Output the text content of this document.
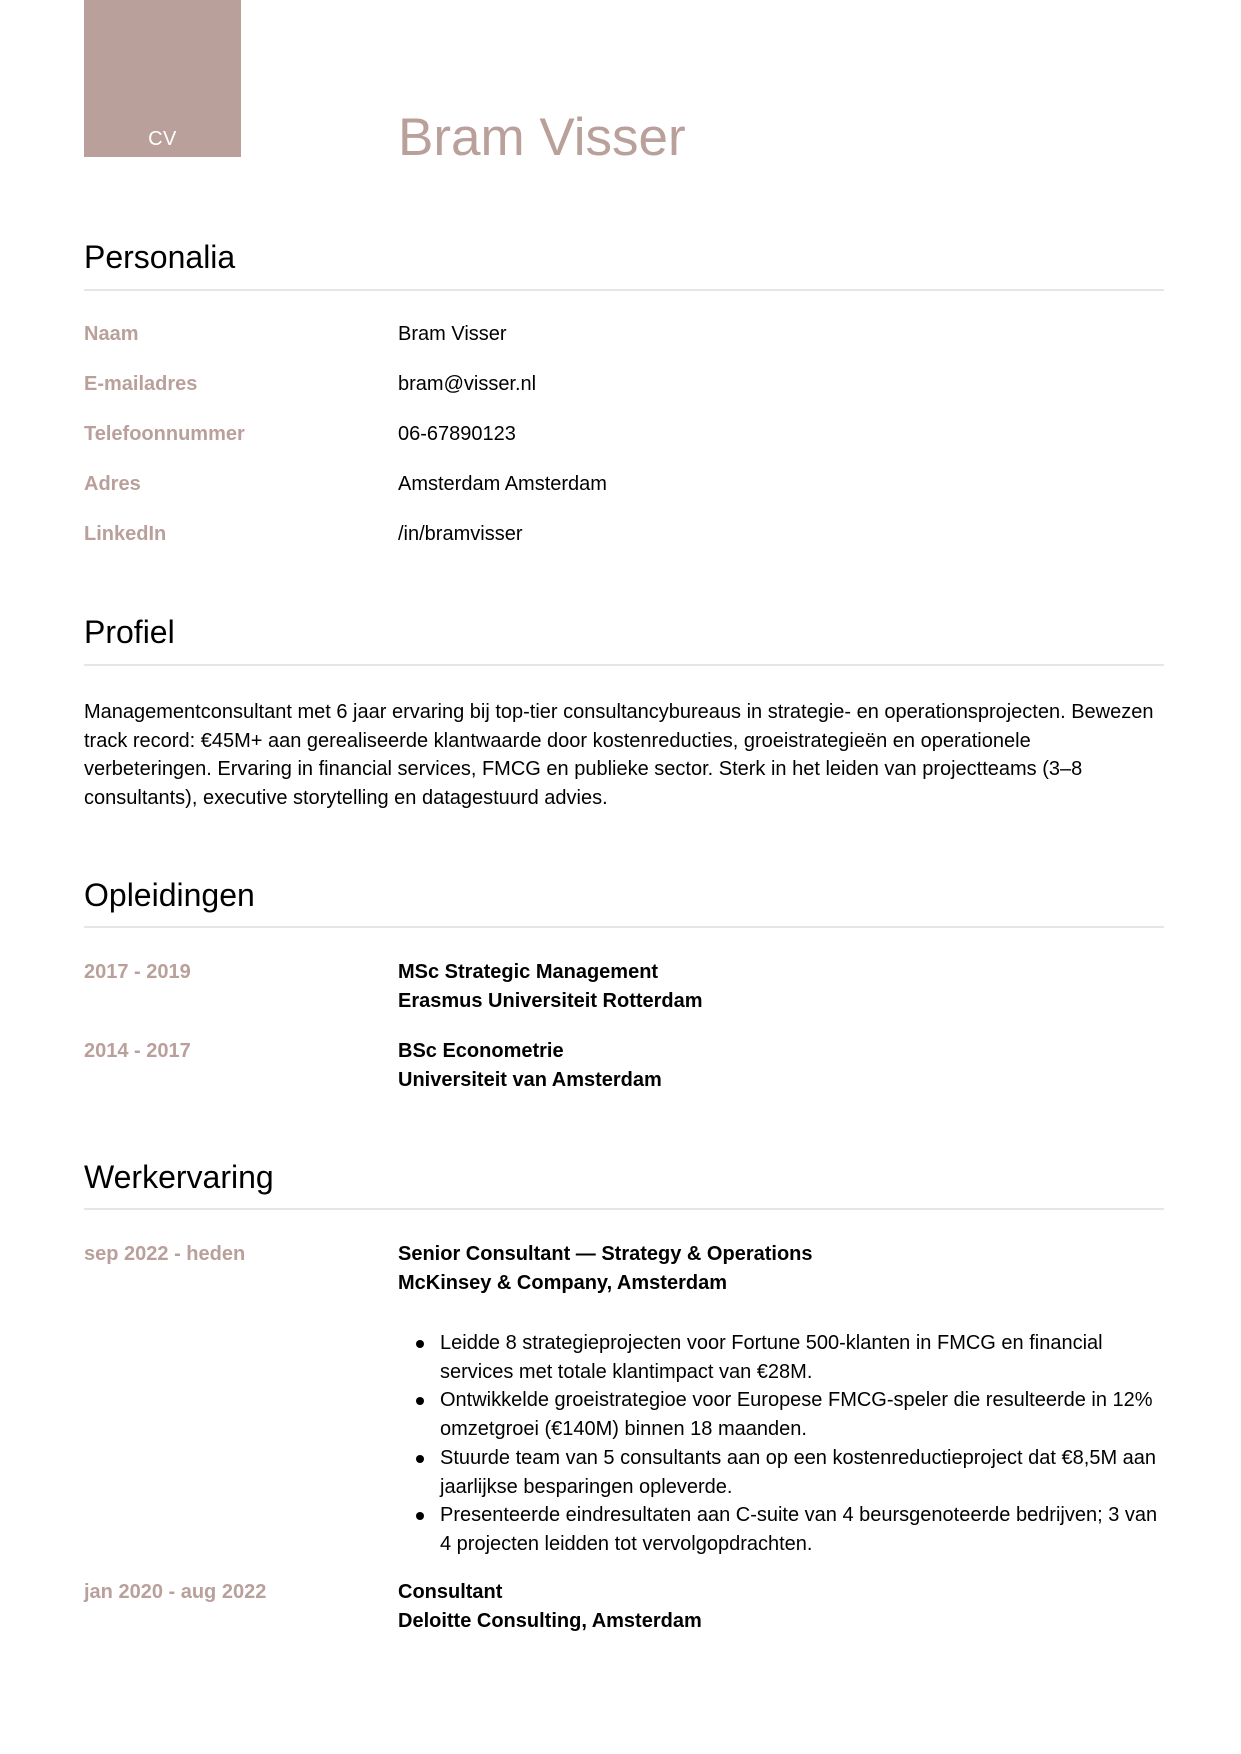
CV	Bram Visser
Personalia
Naam	Bram Visser
E-mailadres	bram@visser.nl
Telefoonnummer	06-67890123
Adres	Amsterdam Amsterdam
LinkedIn	/in/bramvisser
Profiel
Managementconsultant met 6 jaar ervaring bij top-tier consultancybureaus in strategie- en operationsprojecten. Bewezen track record: €45M+ aan gerealiseerde klantwaarde door kostenreducties, groeistrategieën en operationele verbeteringen. Ervaring in financial services, FMCG en publieke sector. Sterk in het leiden van projectteams (3–8 consultants), executive storytelling en datagestuurd advies.
Opleidingen
2017 - 2019	MSc Strategic Management
Erasmus Universiteit Rotterdam
2014 - 2017	BSc Econometrie
Universiteit van Amsterdam
Werkervaring
sep 2022 - heden	Senior Consultant — Strategy & Operations
McKinsey & Company, Amsterdam
Leidde 8 strategieprojecten voor Fortune 500-klanten in FMCG en financial services met totale klantimpact van €28M.
Ontwikkelde groeistrategioe voor Europese FMCG-speler die resulteerde in 12% omzetgroei (€140M) binnen 18 maanden.
Stuurde team van 5 consultants aan op een kostenreductieproject dat €8,5M aan jaarlijkse besparingen opleverde.
Presenteerde eindresultaten aan C-suite van 4 beursgenoteerde bedrijven; 3 van 4 projecten leidden tot vervolgopdrachten.
jan 2020 - aug 2022	Consultant
Deloitte Consulting, Amsterdam
